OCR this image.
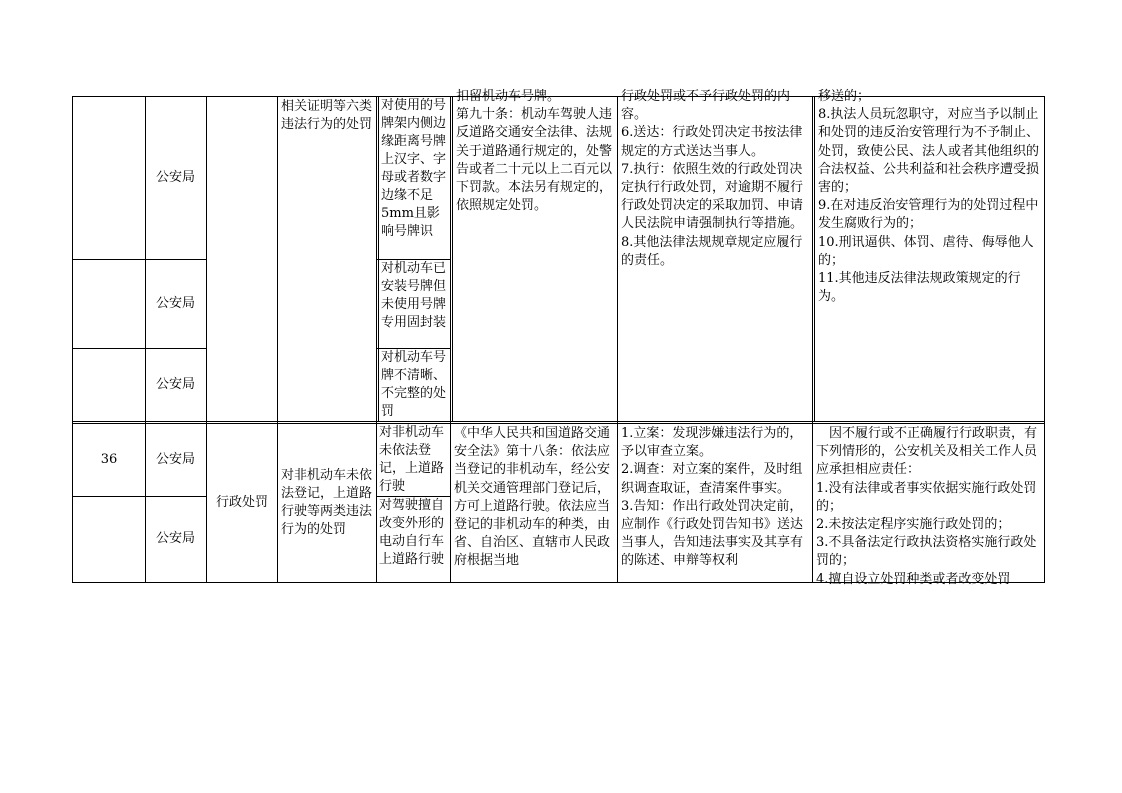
公安局
公安局
公安局
相关证明等六类违法行为的处罚
对使用的号牌架内侧边缘距离号牌上汉字、字母或者数字边缘不足5mm且影响号牌识
对机动车已安装号牌但未使用号牌专用固封装
对机动车号牌不清晰、不完整的处罚
扣留机动车号牌。
第九十条：机动车驾驶人违反道路交通安全法律、法规关于道路通行规定的，处警告或者二十元以上二百元以下罚款。本法另有规定的，依照规定处罚。
行政处罚或不予行政处罚的内容。
6.送达：行政处罚决定书按法律规定的方式送达当事人。
7.执行：依照生效的行政处罚决定执行行政处罚，对逾期不履行行政处罚决定的采取加罚、申请人民法院申请强制执行等措施。
8.其他法律法规规章规定应履行的责任。
移送的；
8.执法人员玩忽职守，对应当予以制止和处罚的违反治安管理行为不予制止、处罚，致使公民、法人或者其他组织的合法权益、公共利益和社会秩序遭受损害的；
9.在对违反治安管理行为的处罚过程中发生腐败行为的；
10.刑讯逼供、体罚、虐待、侮辱他人的；
11.其他违反法律法规政策规定的行为。
36	公安局
公安局
行政处罚
对非机动车未依法登记，上道路行驶等两类违法行为的处罚
对非机动车未依法登记，上道路行驶
对驾驶擅自改变外形的电动自行车上道路行驶
《中华人民共和国道路交通安全法》第十八条：依法应当登记的非机动车，经公安机关交通管理部门登记后，方可上道路行驶。依法应当登记的非机动车的种类，由省、自治区、直辖市人民政府根据当地
1.立案：发现涉嫌违法行为的，予以审查立案。
2.调查：对立案的案件，及时组织调查取证，查清案件事实。
3.告知：作出行政处罚决定前，应制作《行政处罚告知书》送达当事人，告知违法事实及其享有的陈述、申辩等权利
　因不履行或不正确履行行政职责，有下列情形的，公安机关及相关工作人员应承担相应责任：
1.没有法律或者事实依据实施行政处罚的；
2.未按法定程序实施行政处罚的；
3.不具备法定行政执法资格实施行政处罚的；
4.擅自设立处罚种类或者改变处罚
